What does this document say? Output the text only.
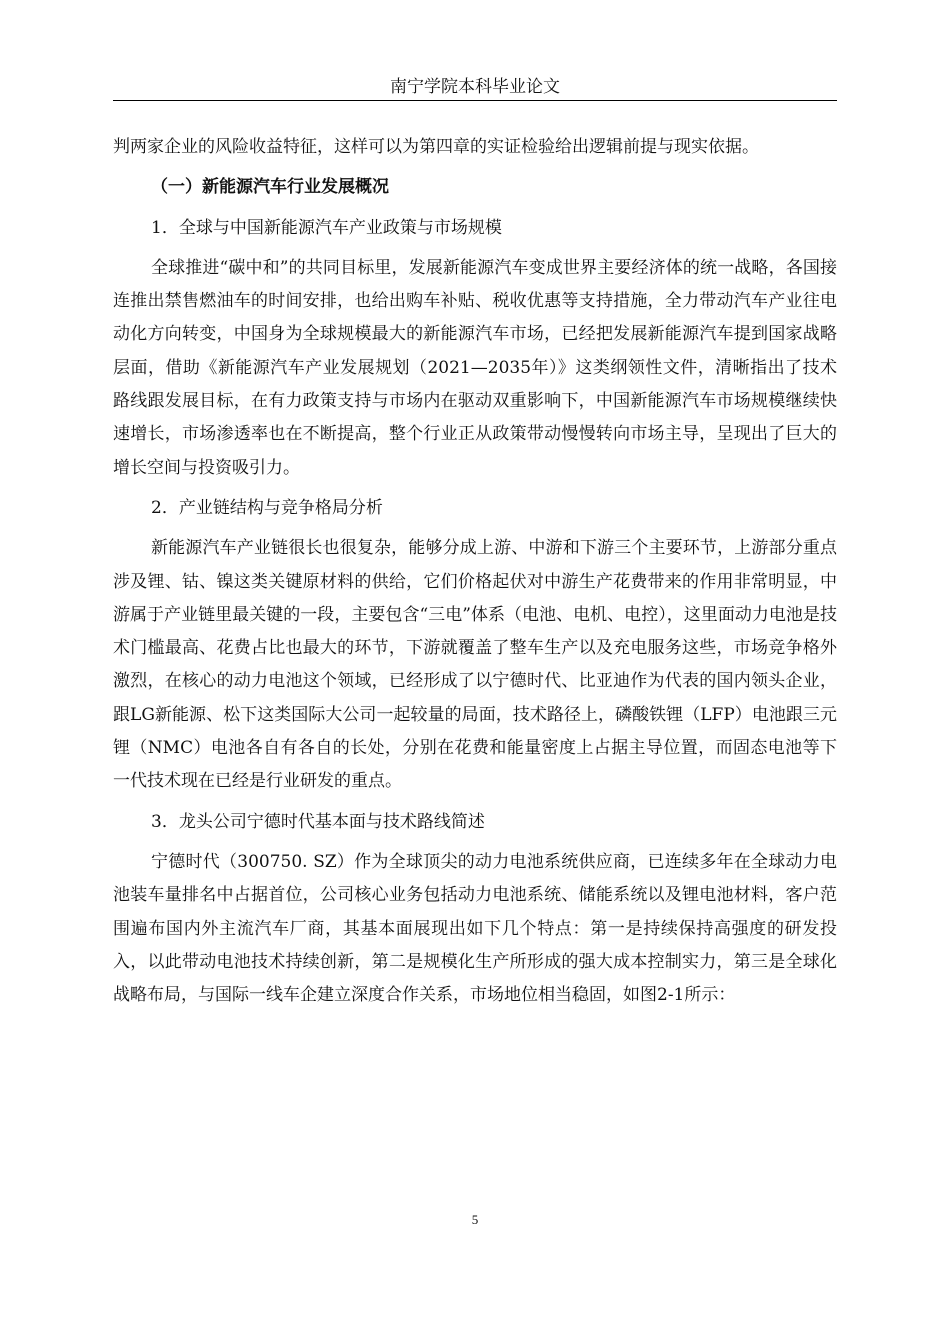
南宁学院本科毕业论文

判两家企业的风险收益特征，这样可以为第四章的实证检验给出逻辑前提与现实依据。

（一）新能源汽车行业发展概况

1．全球与中国新能源汽车产业政策与市场规模

全球推进“碳中和”的共同目标里，发展新能源汽车变成世界主要经济体的统一战略，各国接连推出禁售燃油车的时间安排，也给出购车补贴、税收优惠等支持措施，全力带动汽车产业往电动化方向转变，中国身为全球规模最大的新能源汽车市场，已经把发展新能源汽车提到国家战略层面，借助《新能源汽车产业发展规划（2021—2035年）》这类纲领性文件，清晰指出了技术路线跟发展目标，在有力政策支持与市场内在驱动双重影响下，中国新能源汽车市场规模继续快速增长，市场渗透率也在不断提高，整个行业正从政策带动慢慢转向市场主导，呈现出了巨大的增长空间与投资吸引力。

2．产业链结构与竞争格局分析

新能源汽车产业链很长也很复杂，能够分成上游、中游和下游三个主要环节，上游部分重点涉及锂、钴、镍这类关键原材料的供给，它们价格起伏对中游生产花费带来的作用非常明显，中游属于产业链里最关键的一段，主要包含“三电”体系（电池、电机、电控），这里面动力电池是技术门槛最高、花费占比也最大的环节，下游就覆盖了整车生产以及充电服务这些，市场竞争格外激烈，在核心的动力电池这个领域，已经形成了以宁德时代、比亚迪作为代表的国内领头企业，跟LG新能源、松下这类国际大公司一起较量的局面，技术路径上，磷酸铁锂（LFP）电池跟三元锂（NMC）电池各自有各自的长处，分别在花费和能量密度上占据主导位置，而固态电池等下一代技术现在已经是行业研发的重点。

3．龙头公司宁德时代基本面与技术路线简述

宁德时代（300750. SZ）作为全球顶尖的动力电池系统供应商，已连续多年在全球动力电池装车量排名中占据首位，公司核心业务包括动力电池系统、储能系统以及锂电池材料，客户范围遍布国内外主流汽车厂商，其基本面展现出如下几个特点：第一是持续保持高强度的研发投入，以此带动电池技术持续创新，第二是规模化生产所形成的强大成本控制实力，第三是全球化战略布局，与国际一线车企建立深度合作关系，市场地位相当稳固，如图2-1所示：

5
